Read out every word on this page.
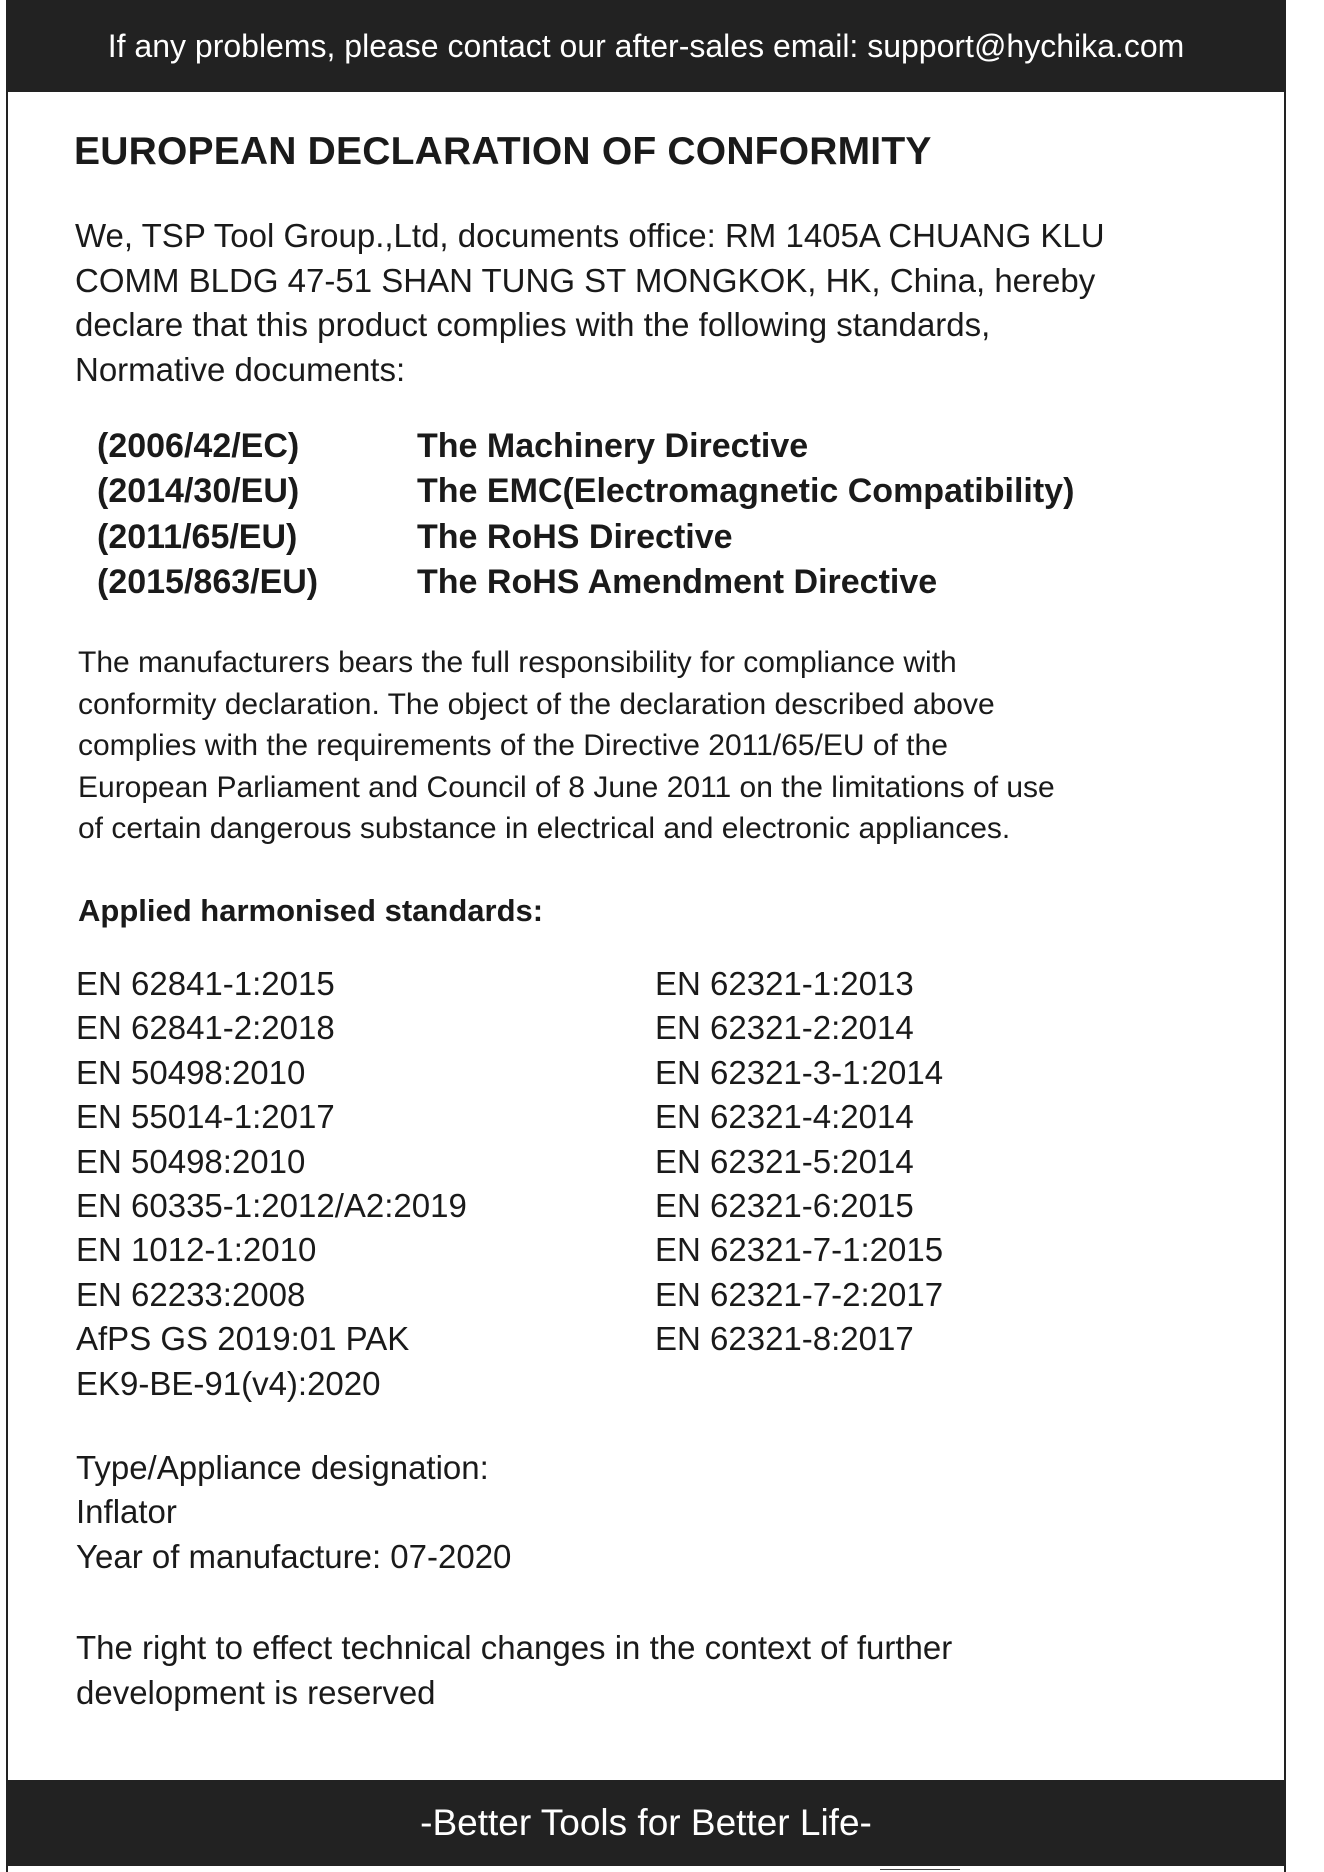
If any problems, please contact our after-sales email: support@hychika.com
EUROPEAN DECLARATION OF CONFORMITY
We, TSP Tool Group.,Ltd, documents office: RM 1405A CHUANG KLU
COMM BLDG 47-51 SHAN TUNG ST MONGKOK, HK, China, hereby
declare that this product complies with the following standards,
Normative documents:
(2006/42/EC)	The Machinery Directive
(2014/30/EU)	The EMC(Electromagnetic Compatibility)
(2011/65/EU)	The RoHS Directive
(2015/863/EU)	The RoHS Amendment Directive
The manufacturers bears the full responsibility for compliance with
conformity declaration. The object of the declaration described above
complies with the requirements of the Directive 2011/65/EU of the
European Parliament and Council of 8 June 2011 on the limitations of use
of certain dangerous substance in electrical and electronic appliances.
Applied harmonised standards:
EN 62841-1:2015
EN 62841-2:2018
EN 50498:2010
EN 55014-1:2017
EN 50498:2010
EN 60335-1:2012/A2:2019
EN 1012-1:2010
EN 62233:2008
AfPS GS 2019:01 PAK
EK9-BE-91(v4):2020
EN 62321-1:2013
EN 62321-2:2014
EN 62321-3-1:2014
EN 62321-4:2014
EN 62321-5:2014
EN 62321-6:2015
EN 62321-7-1:2015
EN 62321-7-2:2017
EN 62321-8:2017
Type/Appliance designation:
Inflator
Year of manufacture: 07-2020
The right to effect technical changes in the context of further
development is reserved
-Better Tools for Better Life-
